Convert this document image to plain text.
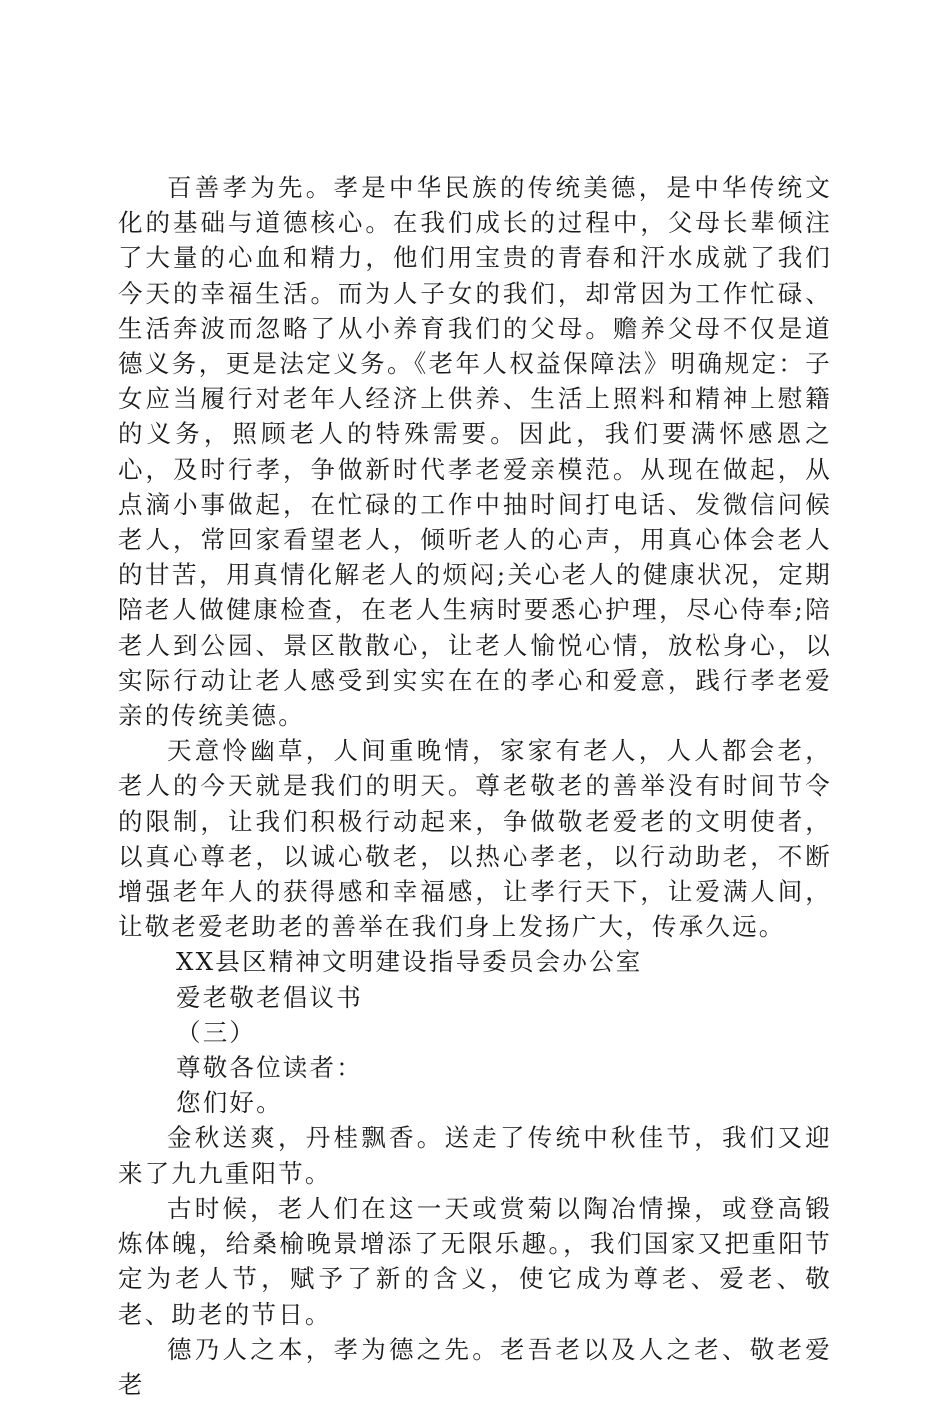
百善孝为先。孝是中华民族的传统美德，是中华传统文化的基础与道德核心。在我们成长的过程中，父母长辈倾注了大量的心血和精力，他们用宝贵的青春和汗水成就了我们今天的幸福生活。而为人子女的我们，却常因为工作忙碌、生活奔波而忽略了从小养育我们的父母。赡养父母不仅是道德义务，更是法定义务。《老年人权益保障法》明确规定：子女应当履行对老年人经济上供养、生活上照料和精神上慰籍的义务，照顾老人的特殊需要。因此，我们要满怀感恩之心，及时行孝，争做新时代孝老爱亲模范。从现在做起，从点滴小事做起，在忙碌的工作中抽时间打电话、发微信问候老人，常回家看望老人，倾听老人的心声，用真心体会老人的甘苦，用真情化解老人的烦闷;关心老人的健康状况，定期陪老人做健康检查，在老人生病时要悉心护理，尽心侍奉;陪老人到公园、景区散散心，让老人愉悦心情，放松身心，以实际行动让老人感受到实实在在的孝心和爱意，践行孝老爱亲的传统美德。

天意怜幽草，人间重晚情，家家有老人，人人都会老，老人的今天就是我们的明天。尊老敬老的善举没有时间节令的限制，让我们积极行动起来，争做敬老爱老的文明使者，以真心尊老，以诚心敬老，以热心孝老，以行动助老，不断增强老年人的获得感和幸福感，让孝行天下，让爱满人间，让敬老爱老助老的善举在我们身上发扬广大，传承久远。

XX县区精神文明建设指导委员会办公室

爱老敬老倡议书

（三）

尊敬各位读者：

您们好。

金秋送爽，丹桂飘香。送走了传统中秋佳节，我们又迎来了九九重阳节。

古时候，老人们在这一天或赏菊以陶冶情操，或登高锻炼体魄，给桑榆晚景增添了无限乐趣。，我们国家又把重阳节定为老人节，赋予了新的含义，使它成为尊老、爱老、敬老、助老的节日。

德乃人之本，孝为德之先。老吾老以及人之老、敬老爱老
